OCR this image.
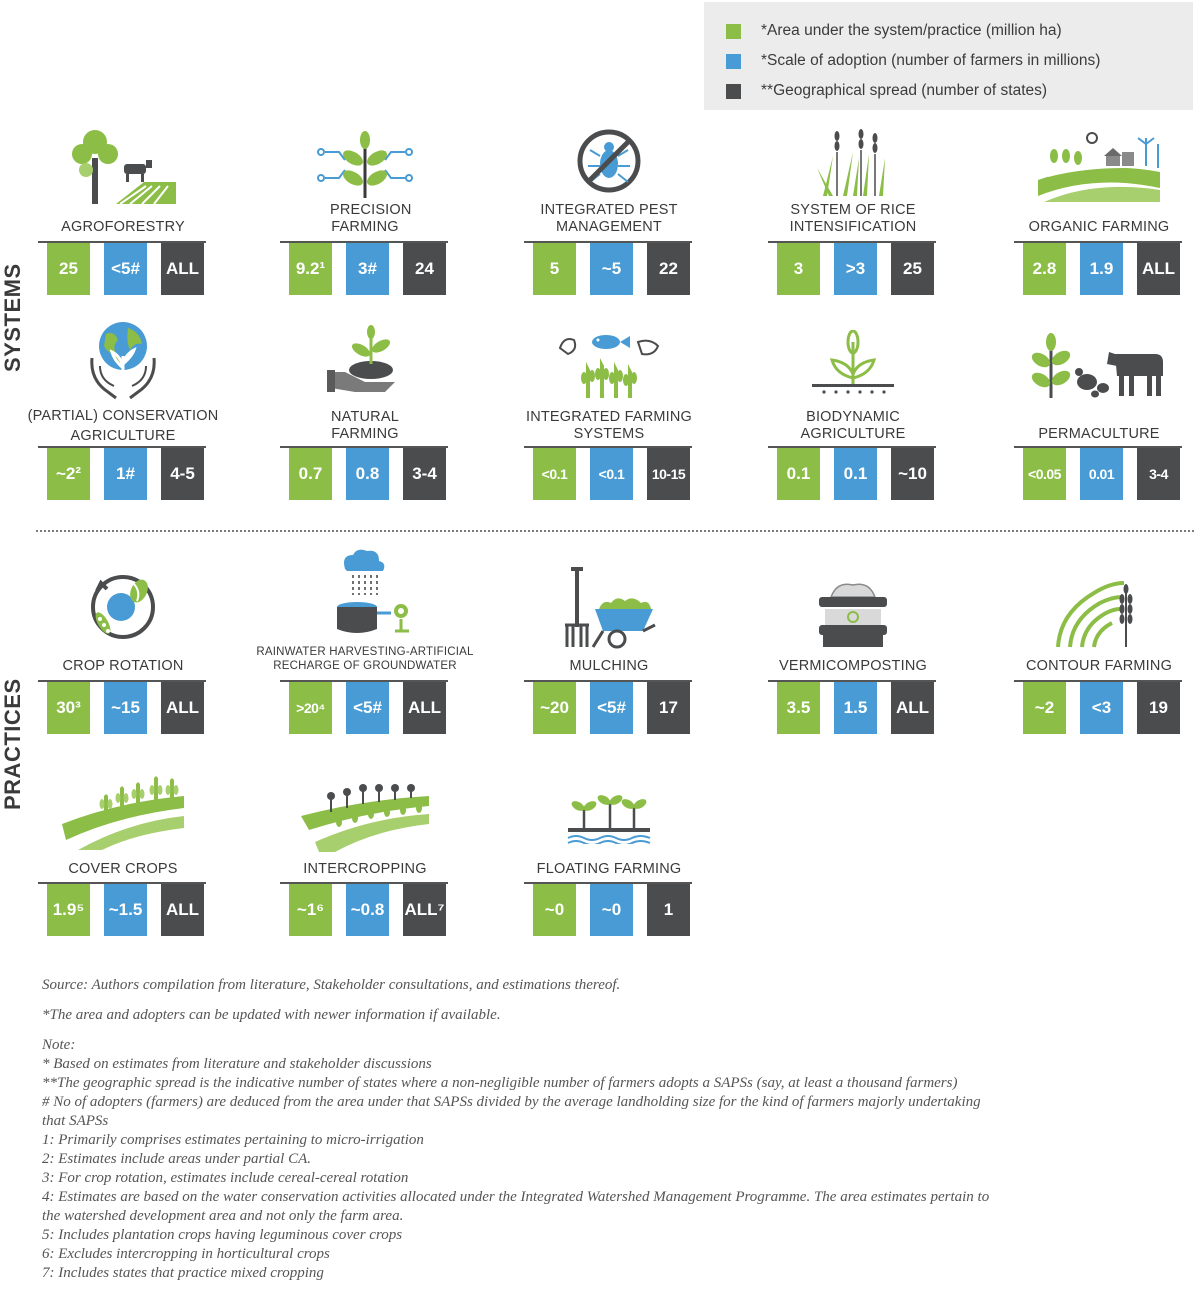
*Area under the system/practice (million ha)
*Scale of adoption (number of farmers in millions)
**Geographical spread (number of states)
SYSTEMS
PRACTICES
AGROFORESTRY
25	<5#	ALL
PRECISION FARMING
9.2¹	3#	24
INTEGRATED PEST MANAGEMENT
5	~5	22
SYSTEM OF RICE INTENSIFICATION
3	>3	25
ORGANIC FARMING
2.8	1.9	ALL
(PARTIAL) CONSERVATION AGRICULTURE
~2²	1#	4-5
NATURAL FARMING
0.7	0.8	3-4
INTEGRATED FARMING SYSTEMS
<0.1	<0.1	10-15
BIODYNAMIC AGRICULTURE
0.1	0.1	~10
PERMACULTURE
<0.05	0.01	3-4
CROP ROTATION
30³	~15	ALL
RAINWATER HARVESTING-ARTIFICIAL RECHARGE OF GROUNDWATER
>20⁴	<5#	ALL
MULCHING
~20	<5#	17
VERMICOMPOSTING
3.5	1.5	ALL
CONTOUR FARMING
~2	<3	19
COVER CROPS
1.9⁵	~1.5 ALL
INTERCROPPING
~1⁶	~0.8 ALL⁷
FLOATING FARMING
~0	~0	1
Source: Authors compilation from literature, Stakeholder consultations, and estimations thereof.
*The area and adopters can be updated with newer information if available.
Note:
* Based on estimates from literature and stakeholder discussions
**The geographic spread is the indicative number of states where a non-negligible number of farmers adopts a SAPSs (say, at least a thousand farmers)
# No of adopters (farmers) are deduced from the area under that SAPSs divided by the average landholding size for the kind of farmers majorly undertaking
that SAPSs
1: Primarily comprises estimates pertaining to micro-irrigation
2: Estimates include areas under partial CA.
3: For crop rotation, estimates include cereal-cereal rotation
4: Estimates are based on the water conservation activities allocated under the Integrated Watershed Management Programme. The area estimates pertain to
the watershed development area and not only the farm area.
5: Includes plantation crops having leguminous cover crops
6: Excludes intercropping in horticultural crops
7: Includes states that practice mixed cropping
